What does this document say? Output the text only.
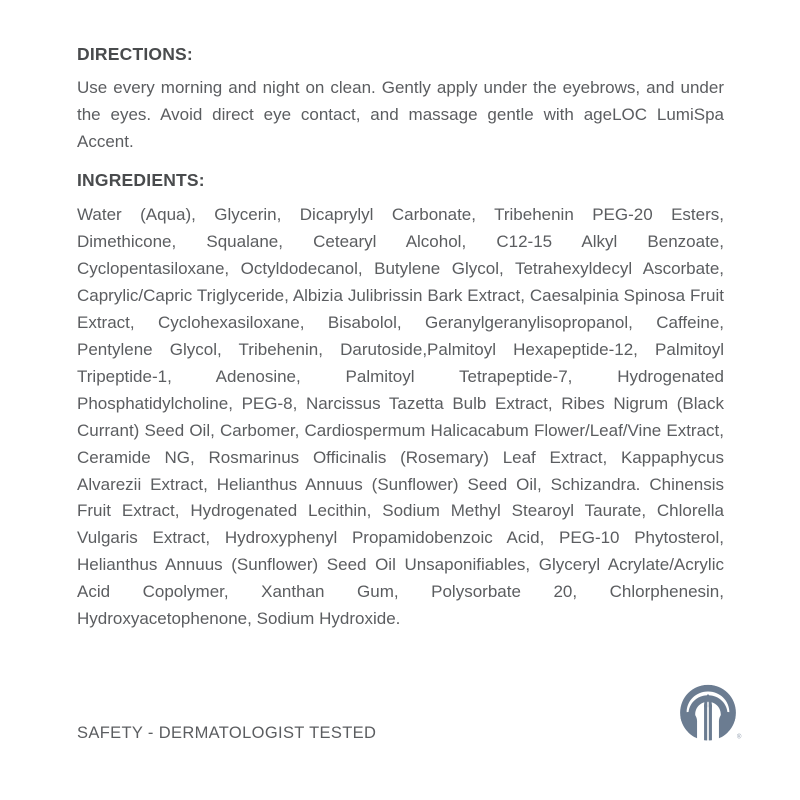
DIRECTIONS:

Use every morning and night on clean. Gently apply under the eyebrows, and under the eyes. Avoid direct eye contact, and massage gentle with ageLOC LumiSpa Accent.

INGREDIENTS:

Water (Aqua), Glycerin, Dicaprylyl Carbonate, Tribehenin PEG-20 Esters, Dimethicone, Squalane, Cetearyl Alcohol, C12-15 Alkyl Benzoate, Cyclopentasiloxane, Octyldodecanol, Butylene Glycol, Tetrahexyldecyl Ascorbate, Caprylic/Capric Triglyceride, Albizia Julibrissin Bark Extract, Caesalpinia Spinosa Fruit Extract, Cyclohexasiloxane, Bisabolol, Geranylgeranylisopropanol, Caffeine, Pentylene Glycol, Tribehenin, Darutoside,Palmitoyl Hexapeptide-12, Palmitoyl Tripeptide-1, Adenosine, Palmitoyl Tetrapeptide-7, Hydrogenated Phosphatidylcholine, PEG-8, Narcissus Tazetta Bulb Extract, Ribes Nigrum (Black Currant) Seed Oil, Carbomer, Cardiospermum Halicacabum Flower/Leaf/Vine Extract, Ceramide NG, Rosmarinus Officinalis (Rosemary) Leaf Extract, Kappaphycus Alvarezii Extract, Helianthus Annuus (Sunflower) Seed Oil, Schizandra. Chinensis Fruit Extract, Hydrogenated Lecithin, Sodium Methyl Stearoyl Taurate, Chlorella Vulgaris Extract, Hydroxyphenyl Propamidobenzoic Acid, PEG-10 Phytosterol, Helianthus Annuus (Sunflower) Seed Oil Unsaponifiables, Glyceryl Acrylate/Acrylic Acid Copolymer, Xanthan Gum, Polysorbate 20, Chlorphenesin, Hydroxyacetophenone, Sodium Hydroxide.

SAFETY - DERMATOLOGIST TESTED	®
